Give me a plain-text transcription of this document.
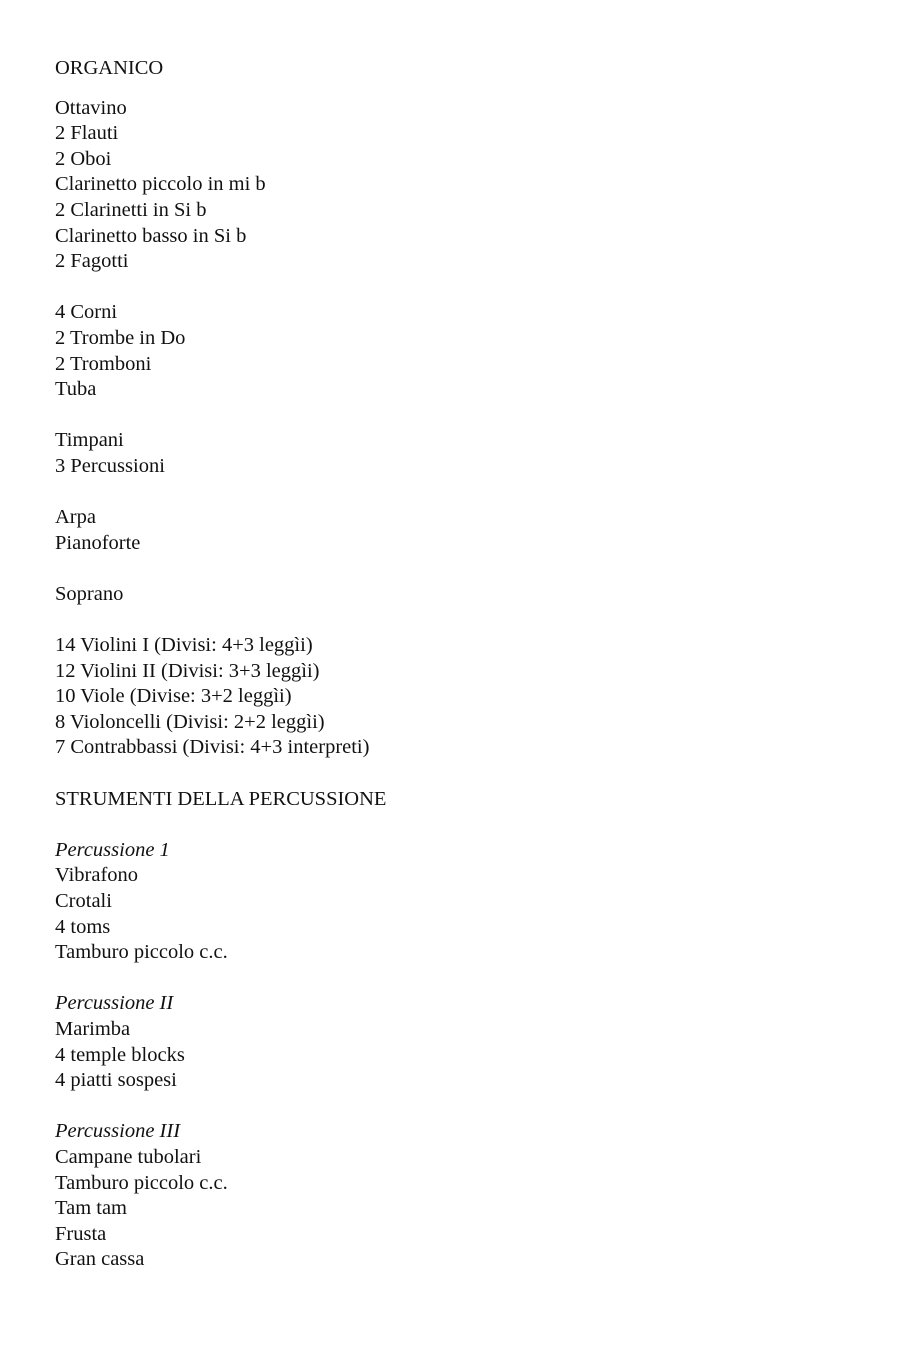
ORGANICO
Ottavino
2 Flauti
2 Oboi
Clarinetto piccolo in mi b
2 Clarinetti in Si b
Clarinetto basso in Si b
2 Fagotti
4 Corni
2 Trombe in Do
2 Tromboni
Tuba
Timpani
3 Percussioni
Arpa
Pianoforte
Soprano
14 Violini I (Divisi: 4+3 leggìi)
12 Violini II (Divisi: 3+3 leggìi)
10 Viole (Divise: 3+2 leggìi)
8 Violoncelli (Divisi: 2+2 leggìi)
7 Contrabbassi (Divisi: 4+3 interpreti)
STRUMENTI DELLA PERCUSSIONE
Percussione 1
Vibrafono
Crotali
4 toms
Tamburo piccolo c.c.
Percussione II
Marimba
4 temple blocks
4 piatti sospesi
Percussione III
Campane tubolari
Tamburo piccolo c.c.
Tam tam
Frusta
Gran cassa
